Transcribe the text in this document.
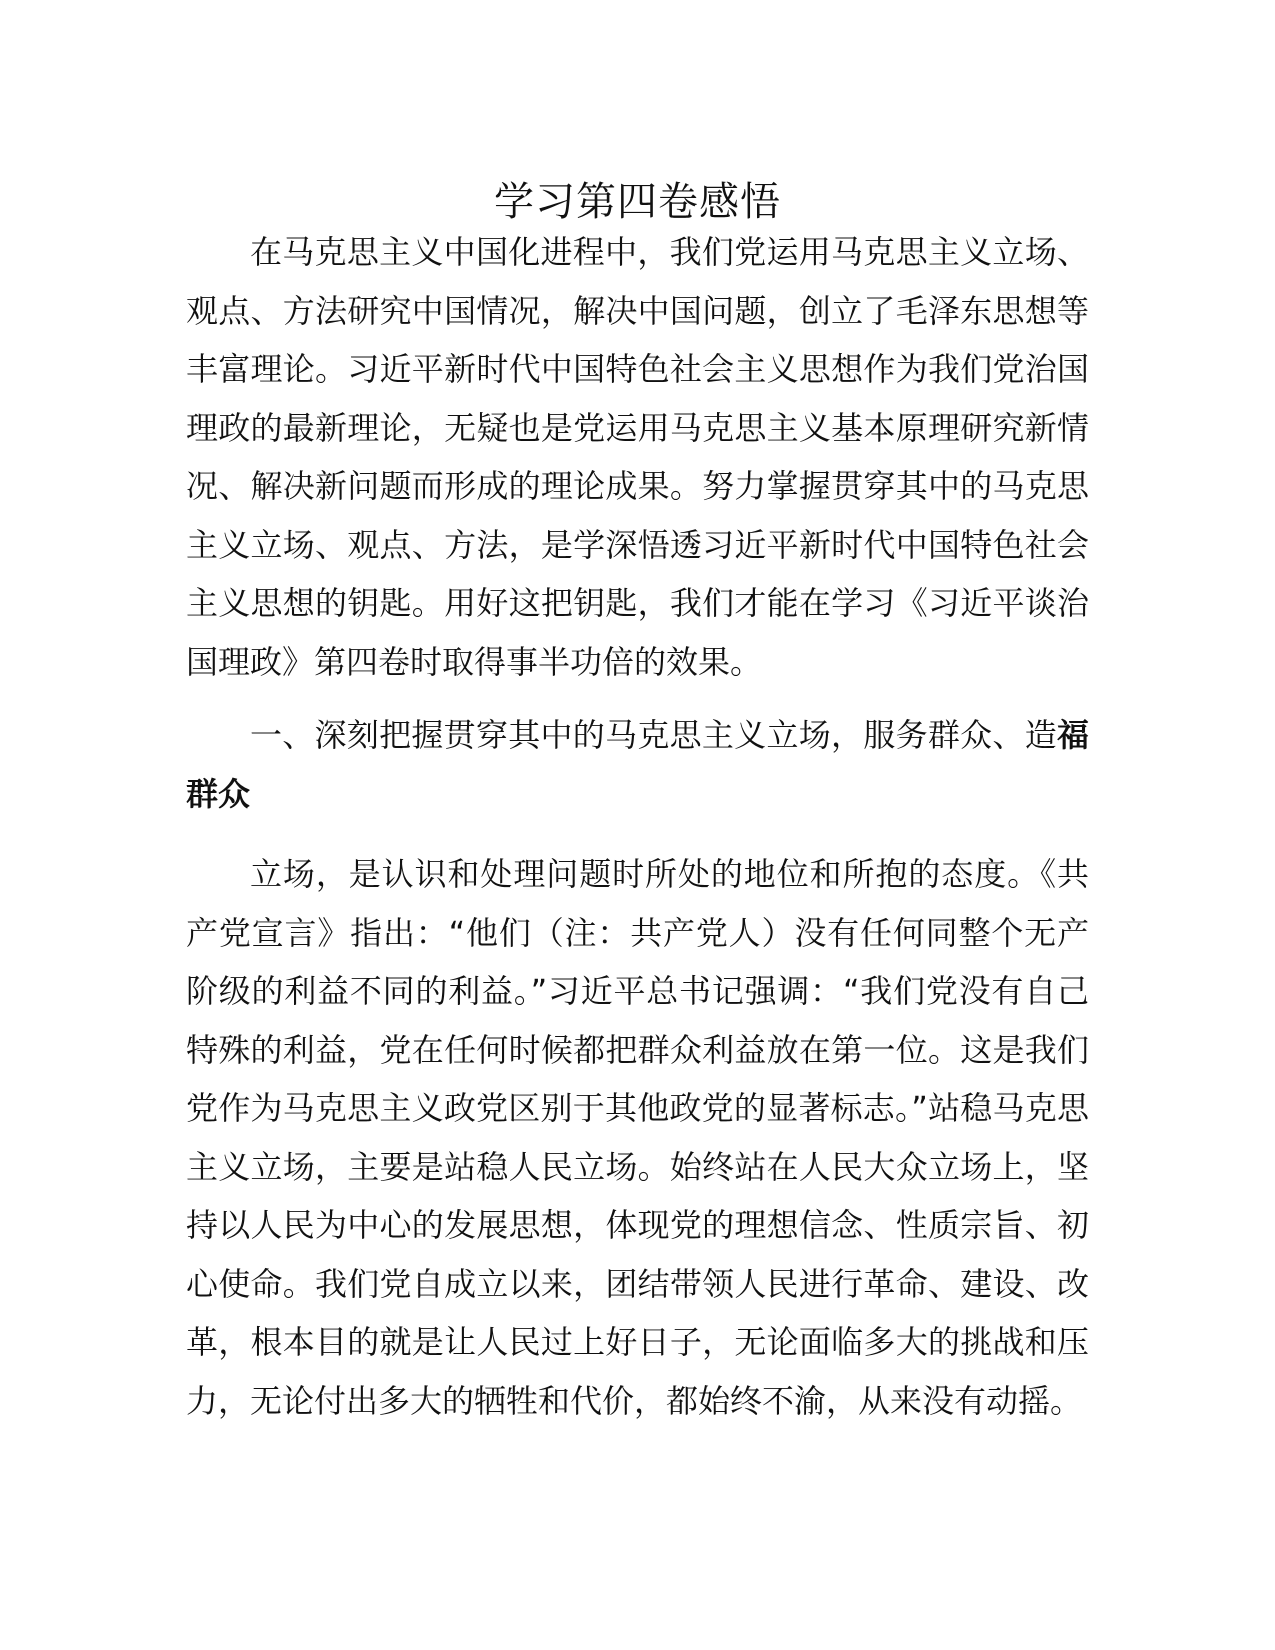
学习第四卷感悟

在马克思主义中国化进程中，我们党运用马克思主义立场、观点、方法研究中国情况，解决中国问题，创立了毛泽东思想等丰富理论。习近平新时代中国特色社会主义思想作为我们党治国理政的最新理论，无疑也是党运用马克思主义基本原理研究新情况、解决新问题而形成的理论成果。努力掌握贯穿其中的马克思主义立场、观点、方法，是学深悟透习近平新时代中国特色社会主义思想的钥匙。用好这把钥匙，我们才能在学习《习近平谈治国理政》第四卷时取得事半功倍的效果。

一、深刻把握贯穿其中的马克思主义立场，服务群众、造福群众

立场，是认识和处理问题时所处的地位和所抱的态度。《共产党宣言》指出：“他们（注：共产党人）没有任何同整个无产阶级的利益不同的利益。”习近平总书记强调：“我们党没有自己特殊的利益，党在任何时候都把群众利益放在第一位。这是我们党作为马克思主义政党区别于其他政党的显著标志。”站稳马克思主义立场，主要是站稳人民立场。始终站在人民大众立场上，坚持以人民为中心的发展思想，体现党的理想信念、性质宗旨、初心使命。我们党自成立以来，团结带领人民进行革命、建设、改革，根本目的就是让人民过上好日子，无论面临多大的挑战和压力，无论付出多大的牺牲和代价，都始终不渝，从来没有动摇。
